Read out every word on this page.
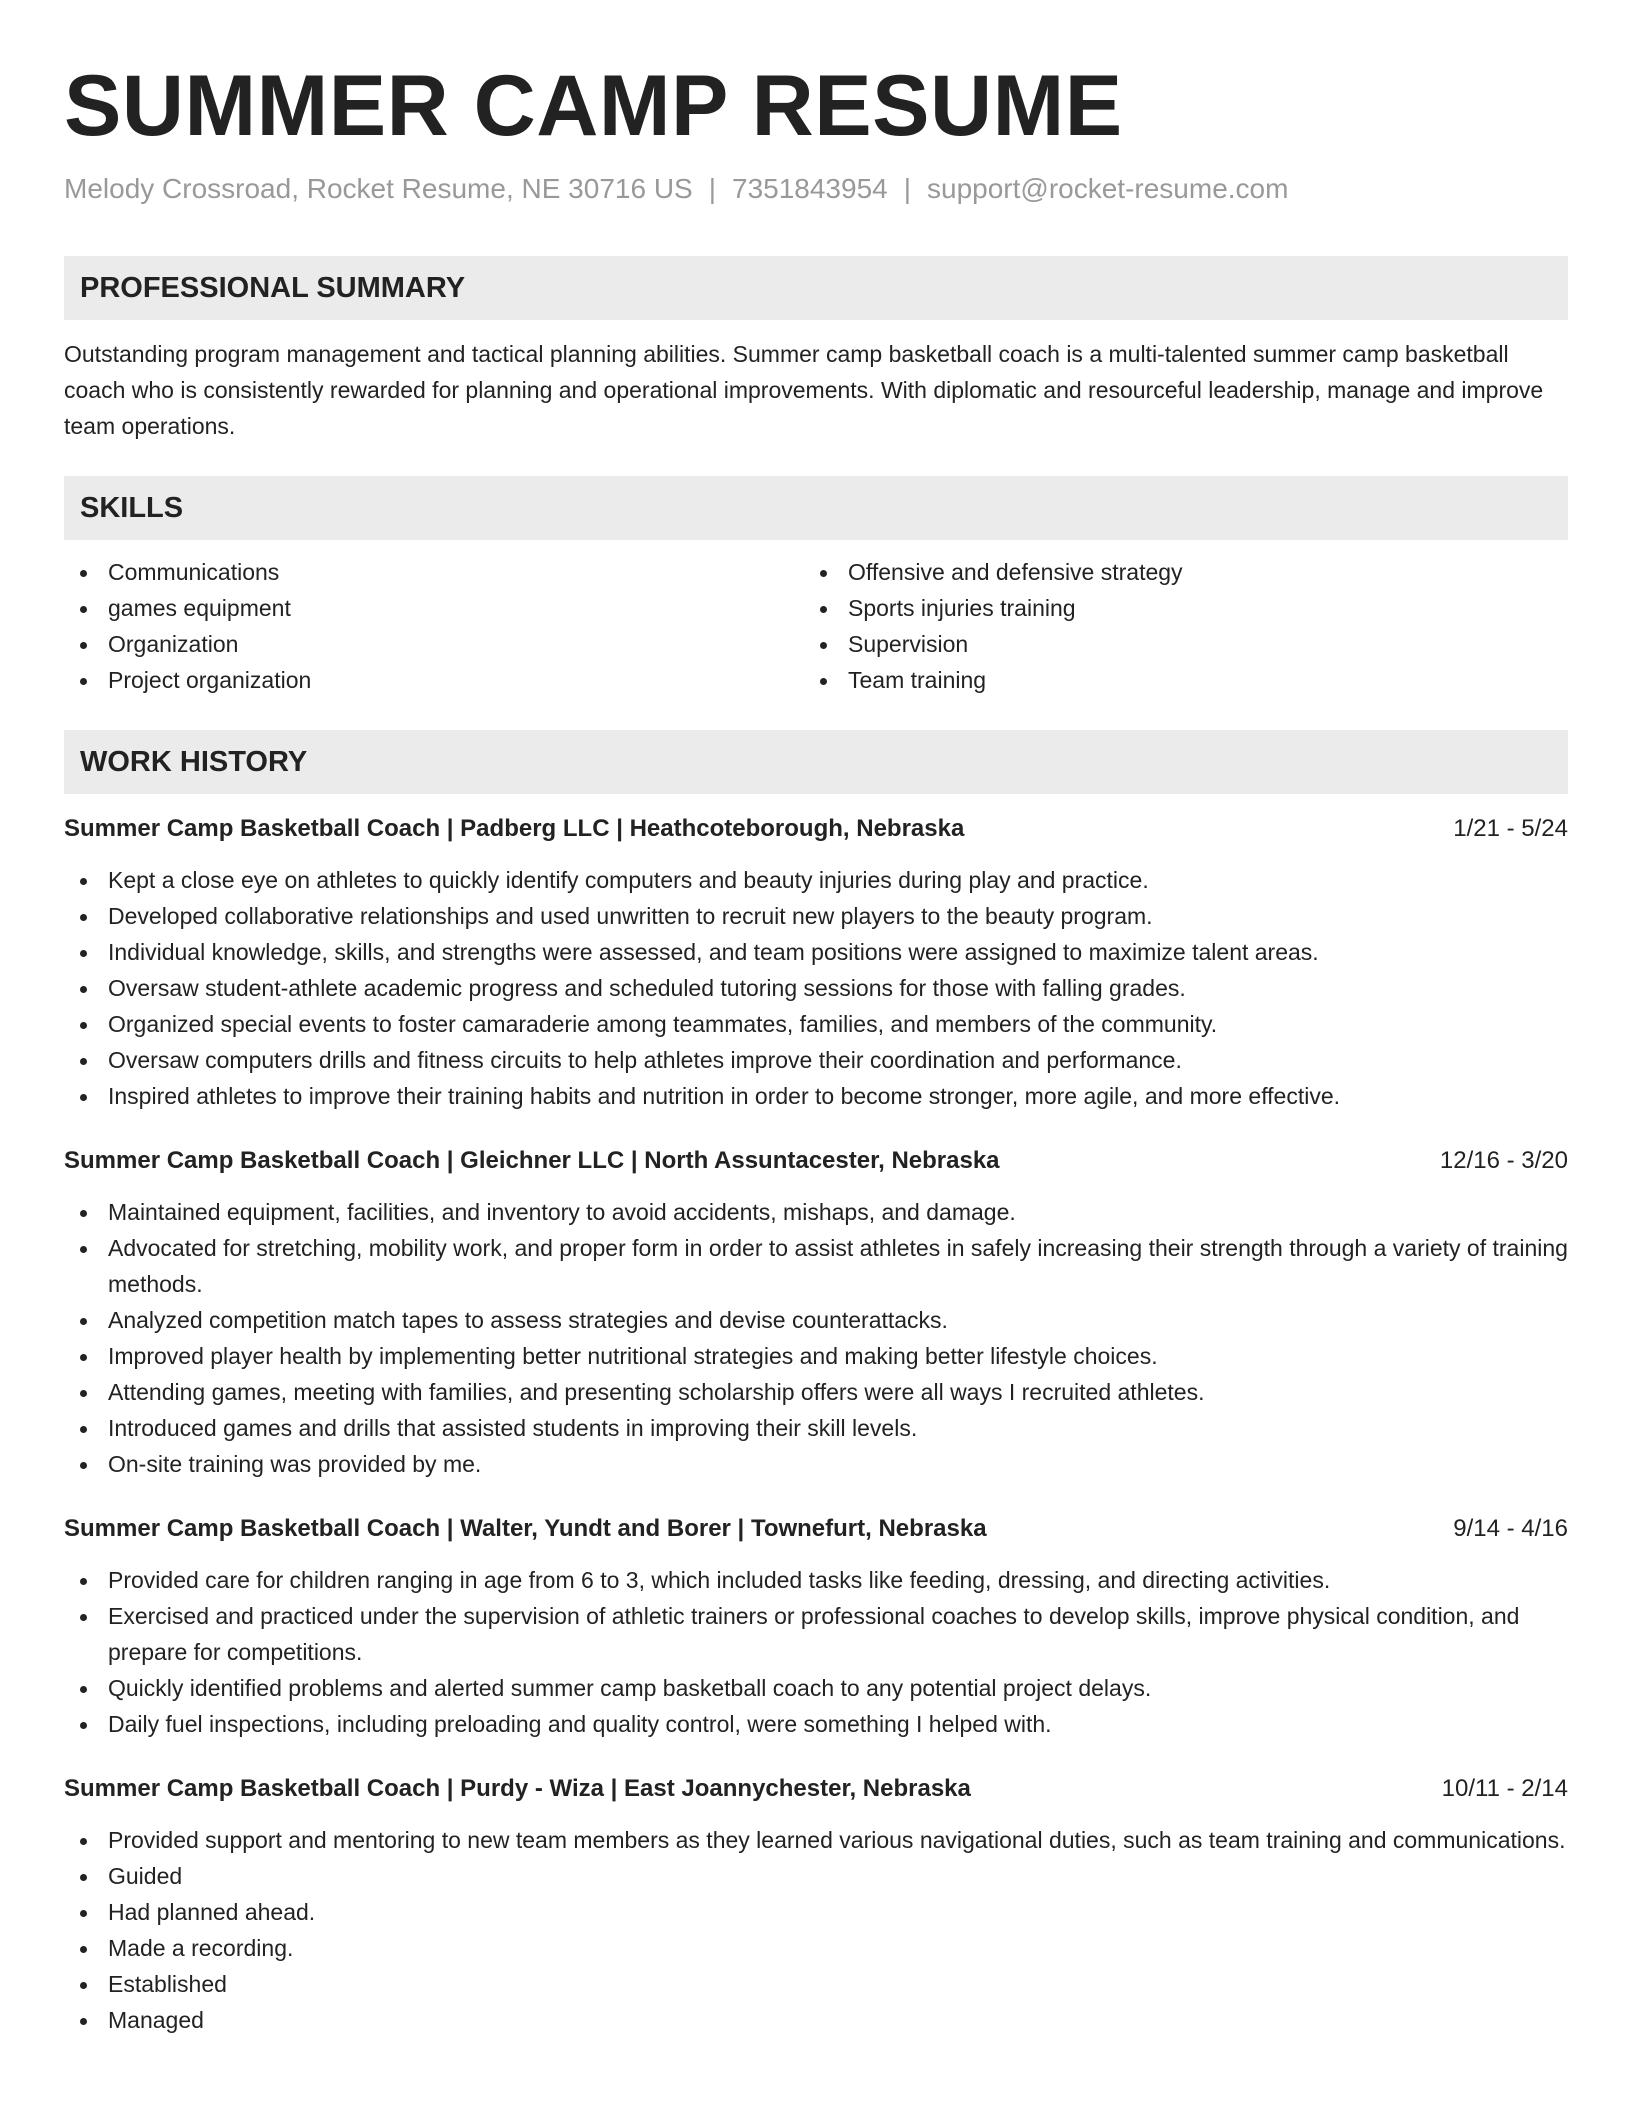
SUMMER CAMP RESUME
Melody Crossroad, Rocket Resume, NE 30716 US | 7351843954 | support@rocket-resume.com
PROFESSIONAL SUMMARY

Outstanding program management and tactical planning abilities. Summer camp basketball coach is a multi-talented summer camp basketball coach who is consistently rewarded for planning and operational improvements. With diplomatic and resourceful leadership, manage and improve team operations.

SKILLS
Communications
games equipment
Organization
Project organization
Offensive and defensive strategy
Sports injuries training
Supervision
Team training
WORK HISTORY
Summer Camp Basketball Coach | Padberg LLC | Heathcoteborough, Nebraska	1/21 - 5/24
Kept a close eye on athletes to quickly identify computers and beauty injuries during play and practice.
Developed collaborative relationships and used unwritten to recruit new players to the beauty program.
Individual knowledge, skills, and strengths were assessed, and team positions were assigned to maximize talent areas.
Oversaw student-athlete academic progress and scheduled tutoring sessions for those with falling grades.
Organized special events to foster camaraderie among teammates, families, and members of the community.
Oversaw computers drills and fitness circuits to help athletes improve their coordination and performance.
Inspired athletes to improve their training habits and nutrition in order to become stronger, more agile, and more effective.
Summer Camp Basketball Coach | Gleichner LLC | North Assuntacester, Nebraska	12/16 - 3/20
Maintained equipment, facilities, and inventory to avoid accidents, mishaps, and damage.
Advocated for stretching, mobility work, and proper form in order to assist athletes in safely increasing their strength through a variety of training methods.
Analyzed competition match tapes to assess strategies and devise counterattacks.
Improved player health by implementing better nutritional strategies and making better lifestyle choices.
Attending games, meeting with families, and presenting scholarship offers were all ways I recruited athletes.
Introduced games and drills that assisted students in improving their skill levels.
On-site training was provided by me.
Summer Camp Basketball Coach | Walter, Yundt and Borer | Townefurt, Nebraska	9/14 - 4/16
Provided care for children ranging in age from 6 to 3, which included tasks like feeding, dressing, and directing activities.
Exercised and practiced under the supervision of athletic trainers or professional coaches to develop skills, improve physical condition, and prepare for competitions.
Quickly identified problems and alerted summer camp basketball coach to any potential project delays.
Daily fuel inspections, including preloading and quality control, were something I helped with.
Summer Camp Basketball Coach | Purdy - Wiza | East Joannychester, Nebraska	10/11 - 2/14
Provided support and mentoring to new team members as they learned various navigational duties, such as team training and communications.
Guided
Had planned ahead.
Made a recording.
Established
Managed
